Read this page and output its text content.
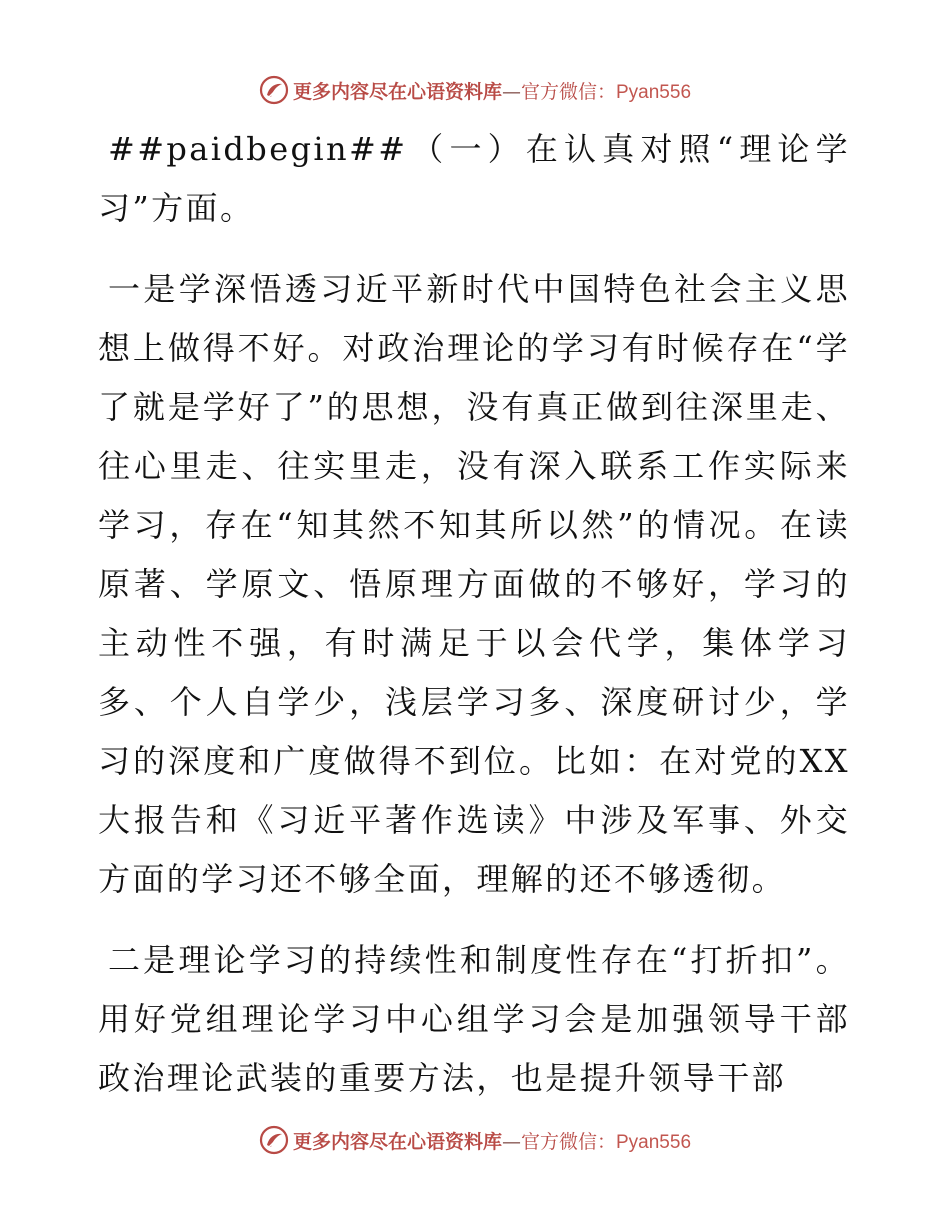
更多内容尽在心语资料库—官方微信：Pyan556

##paidbegin##（一）在认真对照“理论学习”方面。

一是学深悟透习近平新时代中国特色社会主义思想上做得不好。对政治理论的学习有时候存在“学了就是学好了”的思想，没有真正做到往深里走、往心里走、往实里走，没有深入联系工作实际来学习，存在“知其然不知其所以然”的情况。在读原著、学原文、悟原理方面做的不够好，学习的主动性不强，有时满足于以会代学，集体学习多、个人自学少，浅层学习多、深度研讨少，学习的深度和广度做得不到位。比如：在对党的XX大报告和《习近平著作选读》中涉及军事、外交方面的学习还不够全面，理解的还不够透彻。

二是理论学习的持续性和制度性存在“打折扣”。用好党组理论学习中心组学习会是加强领导干部政治理论武装的重要方法，也是提升领导干部

更多内容尽在心语资料库—官方微信：Pyan556
